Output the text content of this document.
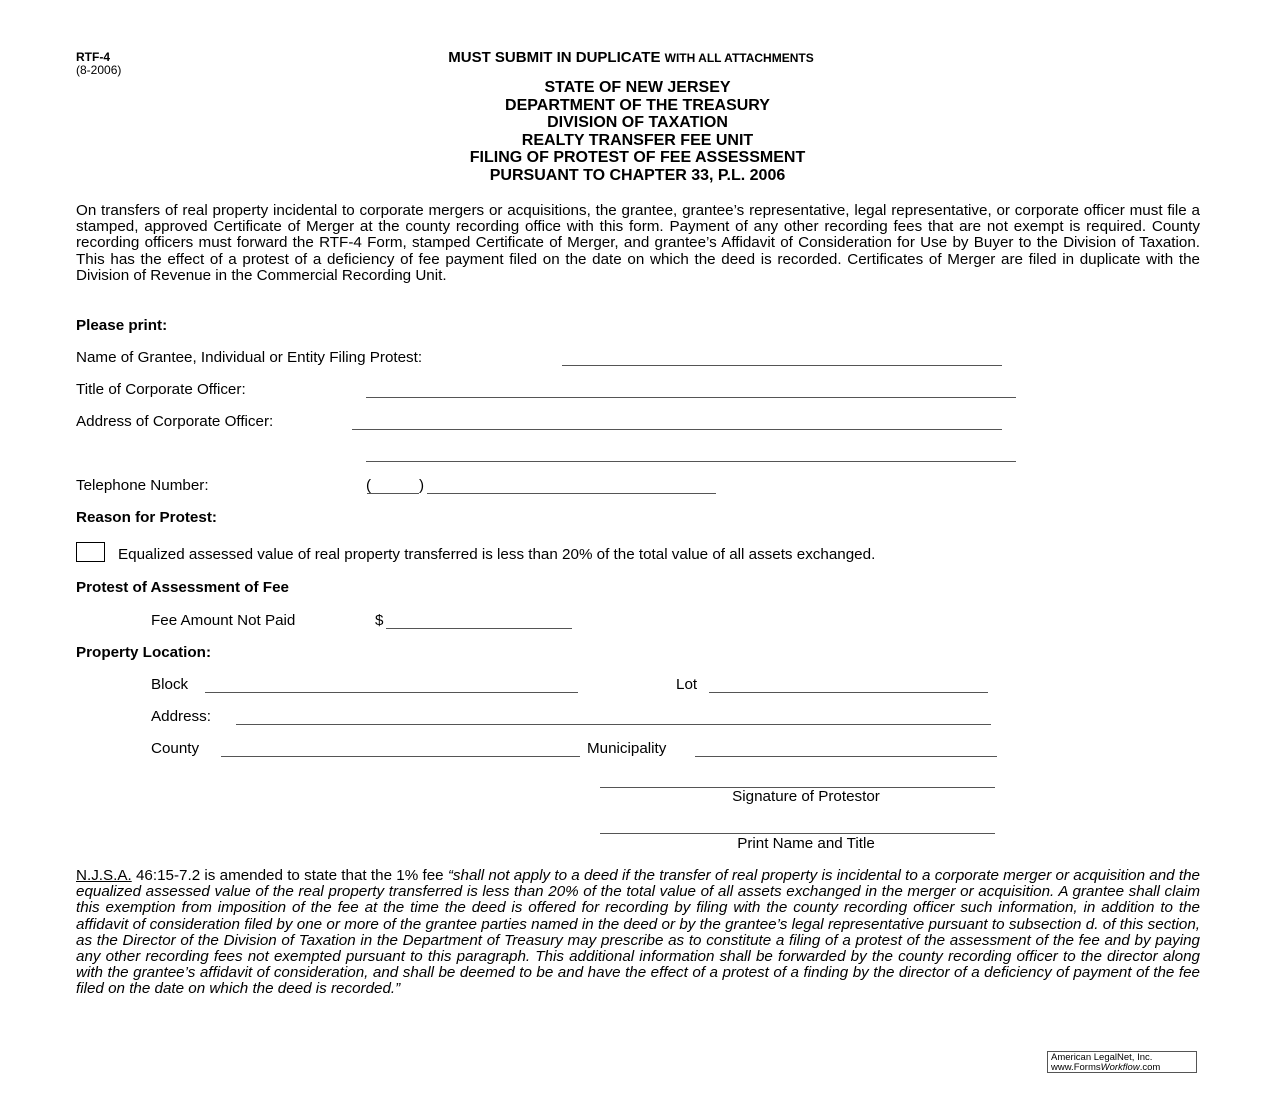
RTF-4
(8-2006)
MUST SUBMIT IN DUPLICATE WITH ALL ATTACHMENTS
STATE OF NEW JERSEY
DEPARTMENT OF THE TREASURY
DIVISION OF TAXATION
REALTY TRANSFER FEE UNIT
FILING OF PROTEST OF FEE ASSESSMENT
PURSUANT TO CHAPTER 33, P.L. 2006
On transfers of real property incidental to corporate mergers or acquisitions, the grantee, grantee’s representative, legal representative, or corporate officer must file a stamped, approved Certificate of Merger at the county recording office with this form. Payment of any other recording fees that are not exempt is required. County recording officers must forward the RTF-4 Form, stamped Certificate of Merger, and grantee’s Affidavit of Consideration for Use by Buyer to the Division of Taxation. This has the effect of a protest of a deficiency of fee payment filed on the date on which the deed is recorded. Certificates of Merger are filed in duplicate with the Division of Revenue in the Commercial Recording Unit.
Please print:
Name of Grantee, Individual or Entity Filing Protest:
Title of Corporate Officer:
Address of Corporate Officer:
Telephone Number:	(	)
Reason for Protest:
Equalized assessed value of real property transferred is less than 20% of the total value of all assets exchanged.
Protest of Assessment of Fee
Fee Amount Not Paid	$
Property Location:
Block	Lot
Address:
County	Municipality
Signature of Protestor
Print Name and Title
N.J.S.A. 46:15-7.2 is amended to state that the 1% fee “shall not apply to a deed if the transfer of real property is incidental to a corporate merger or acquisition and the equalized assessed value of the real property transferred is less than 20% of the total value of all assets exchanged in the merger or acquisition. A grantee shall claim this exemption from imposition of the fee at the time the deed is offered for recording by filing with the county recording officer such information, in addition to the affidavit of consideration filed by one or more of the grantee parties named in the deed or by the grantee’s legal representative pursuant to subsection d. of this section, as the Director of the Division of Taxation in the Department of Treasury may prescribe as to constitute a filing of a protest of the assessment of the fee and by paying any other recording fees not exempted pursuant to this paragraph. This additional information shall be forwarded by the county recording officer to the director along with the grantee’s affidavit of consideration, and shall be deemed to be and have the effect of a protest of a finding by the director of a deficiency of payment of the fee filed on the date on which the deed is recorded.”
American LegalNet, Inc.
www.FormsWorkflow.com
